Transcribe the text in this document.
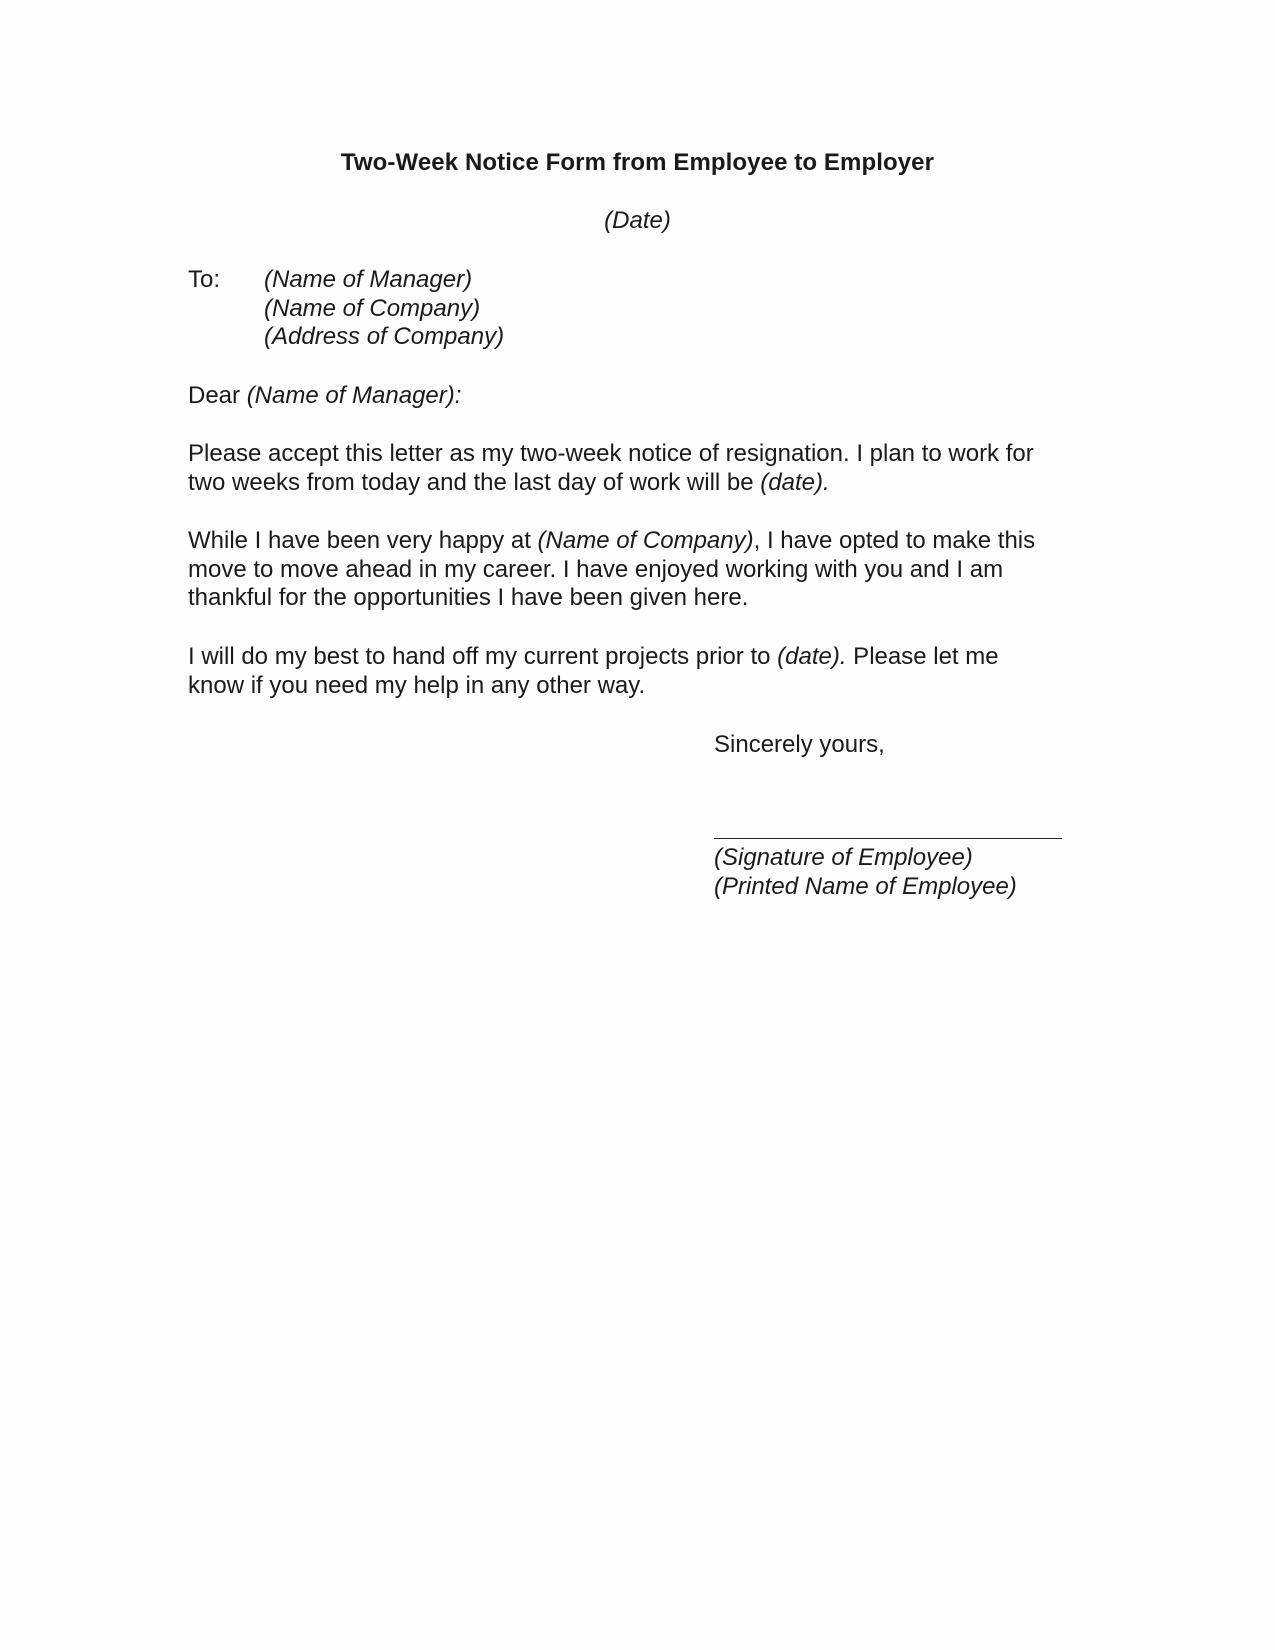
Two-Week Notice Form from Employee to Employer
(Date)
To: (Name of Manager)
(Name of Company)
(Address of Company)
Dear (Name of Manager):
Please accept this letter as my two-week notice of resignation. I plan to work for
two weeks from today and the last day of work will be (date).
While I have been very happy at (Name of Company), I have opted to make this
move to move ahead in my career. I have enjoyed working with you and I am
thankful for the opportunities I have been given here.
I will do my best to hand off my current projects prior to (date). Please let me
know if you need my help in any other way.
Sincerely yours,
(Signature of Employee)
(Printed Name of Employee)
